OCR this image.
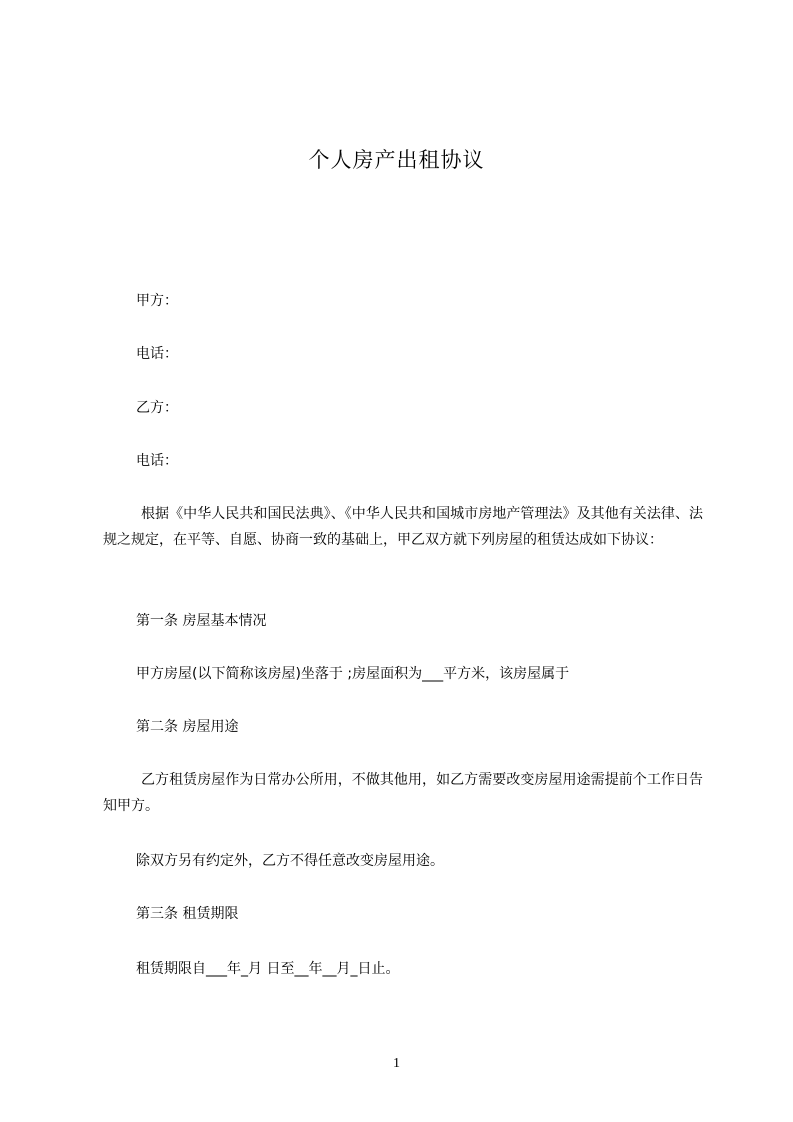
个人房产出租协议
甲方：
电话：
乙方：
电话：
根据《中华人民共和国民法典》、《中华人民共和国城市房地产管理法》及其他有关法律、法规之规定，在平等、自愿、协商一致的基础上，甲乙双方就下列房屋的租赁达成如下协议：
第一条 房屋基本情况
甲方房屋(以下简称该房屋)坐落于 ;房屋面积为___平方米，该房屋属于
第二条 房屋用途
乙方租赁房屋作为日常办公所用，不做其他用，如乙方需要改变房屋用途需提前个工作日告知甲方。
除双方另有约定外，乙方不得任意改变房屋用途。
第三条 租赁期限
租赁期限自___年_月 日至__年__月_日止。
1
